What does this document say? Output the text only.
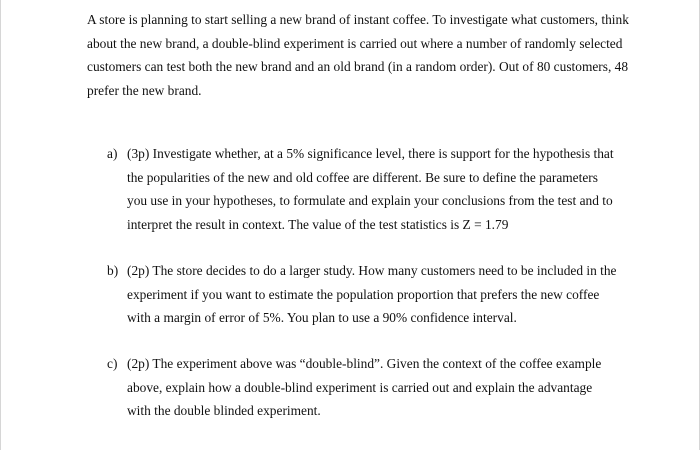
A store is planning to start selling a new brand of instant coffee. To investigate what customers, think about the new brand, a double-blind experiment is carried out where a number of randomly selected customers can test both the new brand and an old brand (in a random order). Out of 80 customers, 48 prefer the new brand.

a) (3p) Investigate whether, at a 5% significance level, there is support for the hypothesis that the popularities of the new and old coffee are different. Be sure to define the parameters you use in your hypotheses, to formulate and explain your conclusions from the test and to interpret the result in context. The value of the test statistics is Z = 1.79

b) (2p) The store decides to do a larger study. How many customers need to be included in the experiment if you want to estimate the population proportion that prefers the new coffee with a margin of error of 5%. You plan to use a 90% confidence interval.

c) (2p) The experiment above was “double-blind”. Given the context of the coffee example above, explain how a double-blind experiment is carried out and explain the advantage with the double blinded experiment.
